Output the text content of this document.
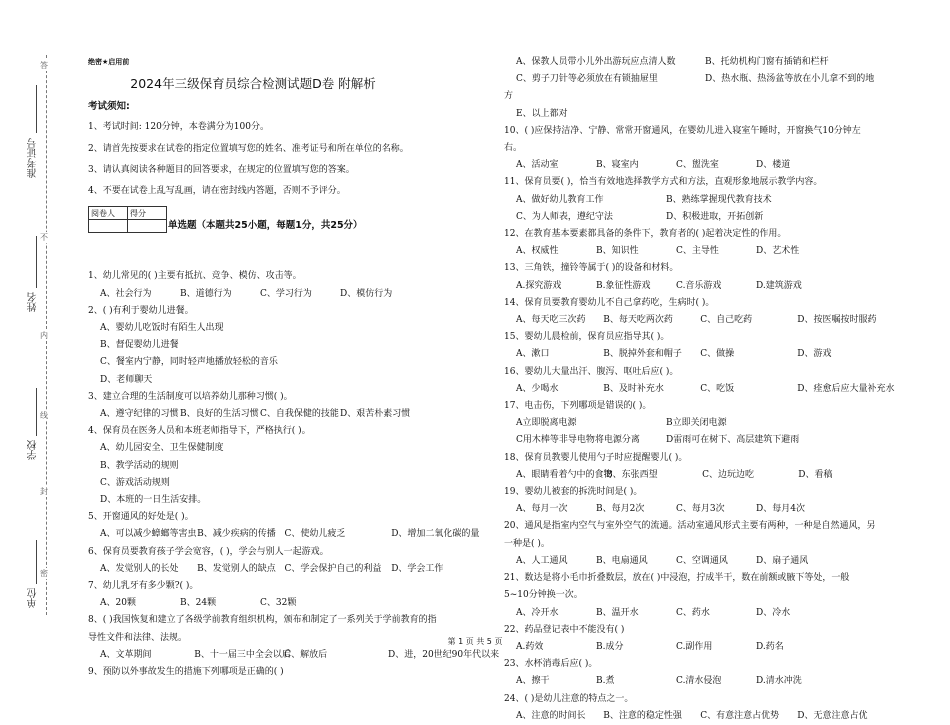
准考证号
姓名
学校
单位
答
不
内
线
封
密
绝密★启用前
2024年三级保育员综合检测试题D卷 附解析
考试须知:
1、考试时间: 120分钟，本卷满分为100分。
2、请首先按要求在试卷的指定位置填写您的姓名、准考证号和所在单位的名称。
3、请认真阅读各种题目的回答要求，在规定的位置填写您的答案。
4、不要在试卷上乱写乱画，请在密封线内答题，否则不予评分。
阅卷人	得分

单选题（本题共25小题，每题1分，共25分）
1、幼儿常见的( )主要有抵抗、竞争、模仿、攻击等。
A、社会行为	B、道德行为	C、学习行为	D、模仿行为
2、( )有利于婴幼儿进餐。
A、婴幼儿吃饭时有陌生人出现
B、督促婴幼儿进餐
C、餐室内宁静，同时轻声地播放轻松的音乐
D、老师聊天
3、建立合理的生活制度可以培养幼儿那种习惯( )。
A、遵守纪律的习惯 B、良好的生活习惯 C、自我保健的技能 D、艰苦朴素习惯
4、保育员在医务人员和本班老师指导下，严格执行( )。
A、幼儿园安全、卫生保健制度
B、教学活动的规则
C、游戏活动规则
D、本班的一日生活安排。
5、开窗通风的好处是( )。
A、可以减少蟑螂等害虫 B、减少疾病的传播 C、使幼儿疲乏	D、增加二氧化碳的量
6、保育员要教育孩子学会宽容，( )，学会与别人一起游戏。
A、发觉别人的长处	B、发觉别人的缺点 C、学会保护自己的利益	D、学会工作
7、幼儿乳牙有多少颗?( )。
A、20颗	B、24颗	C、32颗
8、( )我国恢复和建立了各级学前教育组织机构，颁布和制定了一系列关于学前教育的指
导性文件和法律、法规。
A、文革期间	B、十一届三中全会以后
C、解放后	D、进，20世纪90年代以来
9、预防以外事故发生的措施下列哪项是正确的( )
A、保教人员带小儿外出游玩应点清人数	B、托幼机构门窗有插销和栏杆
C、剪子刀针等必须放在有锁抽屉里	D、热水瓶、热汤盆等放在小儿拿不到的地
方
E、以上都对
10、( )应保持洁净、宁静、常常开窗通风，在婴幼儿进入寝室午睡时，开窗换气10分钟左
右。
A、活动室	B、寝室内	C、盥洗室	D、楼道
11、保育员要( )，恰当有效地选择教学方式和方法，直观形象地展示教学内容。
A、做好幼儿教育工作	B、熟练掌握现代教育技术
C、为人师表，遵纪守法	D、积极进取，开拓创新
12、在教育基本要素都具备的条件下，教育者的( )起着决定性的作用。
A、权威性	B、知识性	C、主导性	D、艺术性
13、三角铁，撞铃等属于( )的设备和材料。
A.探究游戏	B.象征性游戏	C.音乐游戏	D.建筑游戏
14、保育员要教育婴幼儿不自己拿药吃，生病时( )。
A、每天吃三次药	B、每天吃两次药	C、自己吃药	D、按医嘱按时服药
15、婴幼儿晨检前，保育员应指导其( )。
A、漱口	B、脱掉外套和帽子	C、做操	D、游戏
16、婴幼儿大量出汗、腹泻、呕吐后应( )。
A、少喝水	B、及时补充水	C、吃饭	D、痊愈后应大量补充水
17、电击伤，下列哪项是错误的( )。
A立即脱离电源	B立即关闭电源
C用木棒等非导电物将电源分离	D雷雨可在树下、高层建筑下避雨
18、保育员教婴儿使用勺子时应提醒婴儿( )。
A、眼睛看着勺中的食物
B、东张西望	C、边玩边吃	D、看稿
19、婴幼儿被套的拆洗时间是( )。
A、每月一次	B、每月2次	C、每月3次	D、每月4次
20、通风是指室内空气与室外空气的流通。活动室通风形式主要有两种，一种是自然通风，另
一种是( )。
A、人工通风	B、电扇通风	C、空调通风	D、扇子通风
21、数达是将小毛巾折叠数层，放在( )中浸泡，拧成半干，数在前额或腋下等处，一般
5~10分钟换一次。
A、冷开水	B、温开水	C、药水	D、冷水
22、药品登记表中不能没有( )
A.药效	B.成分	C.副作用	D.药名
23、水杯消毒后应( )。
A、擦干	B.煮	C.清水侵泡	D.清水冲洗
24、( )是幼儿注意的特点之一。
A、注意的时间长	B、注意的稳定性强	C、有意注意占优势	D、无意注意占优
第 1 页 共 5 页
